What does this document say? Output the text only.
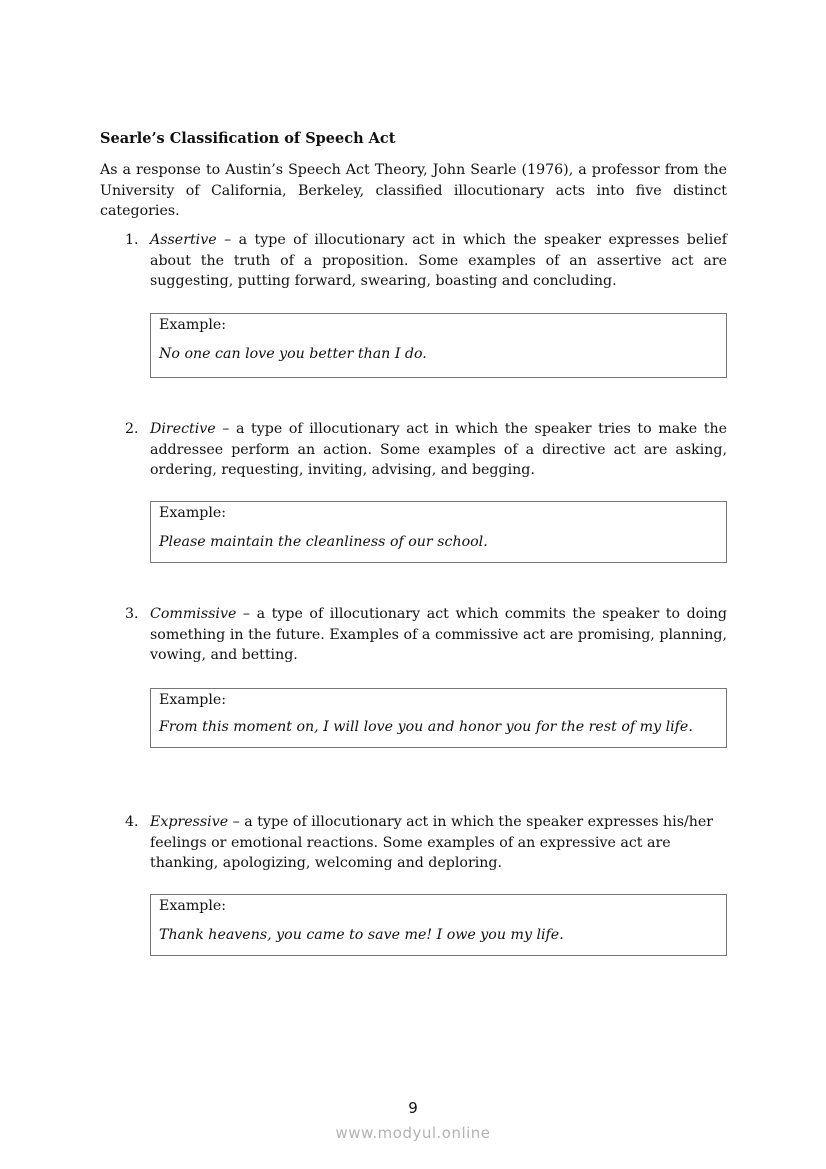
Searle’s Classification of Speech Act
As a response to Austin’s Speech Act Theory, John Searle (1976), a professor from the University of California, Berkeley, classified illocutionary acts into five distinct categories.
1. Assertive – a type of illocutionary act in which the speaker expresses belief about the truth of a proposition. Some examples of an assertive act are suggesting, putting forward, swearing, boasting and concluding.
Example:
No one can love you better than I do.
2. Directive – a type of illocutionary act in which the speaker tries to make the addressee perform an action. Some examples of a directive act are asking, ordering, requesting, inviting, advising, and begging.
Example:
Please maintain the cleanliness of our school.
3. Commissive – a type of illocutionary act which commits the speaker to doing something in the future. Examples of a commissive act are promising, planning, vowing, and betting.
Example:
From this moment on, I will love you and honor you for the rest of my life.
4. Expressive – a type of illocutionary act in which the speaker expresses his/her feelings or emotional reactions. Some examples of an expressive act are thanking, apologizing, welcoming and deploring.
Example:
Thank heavens, you came to save me! I owe you my life.
9
www.modyul.online
